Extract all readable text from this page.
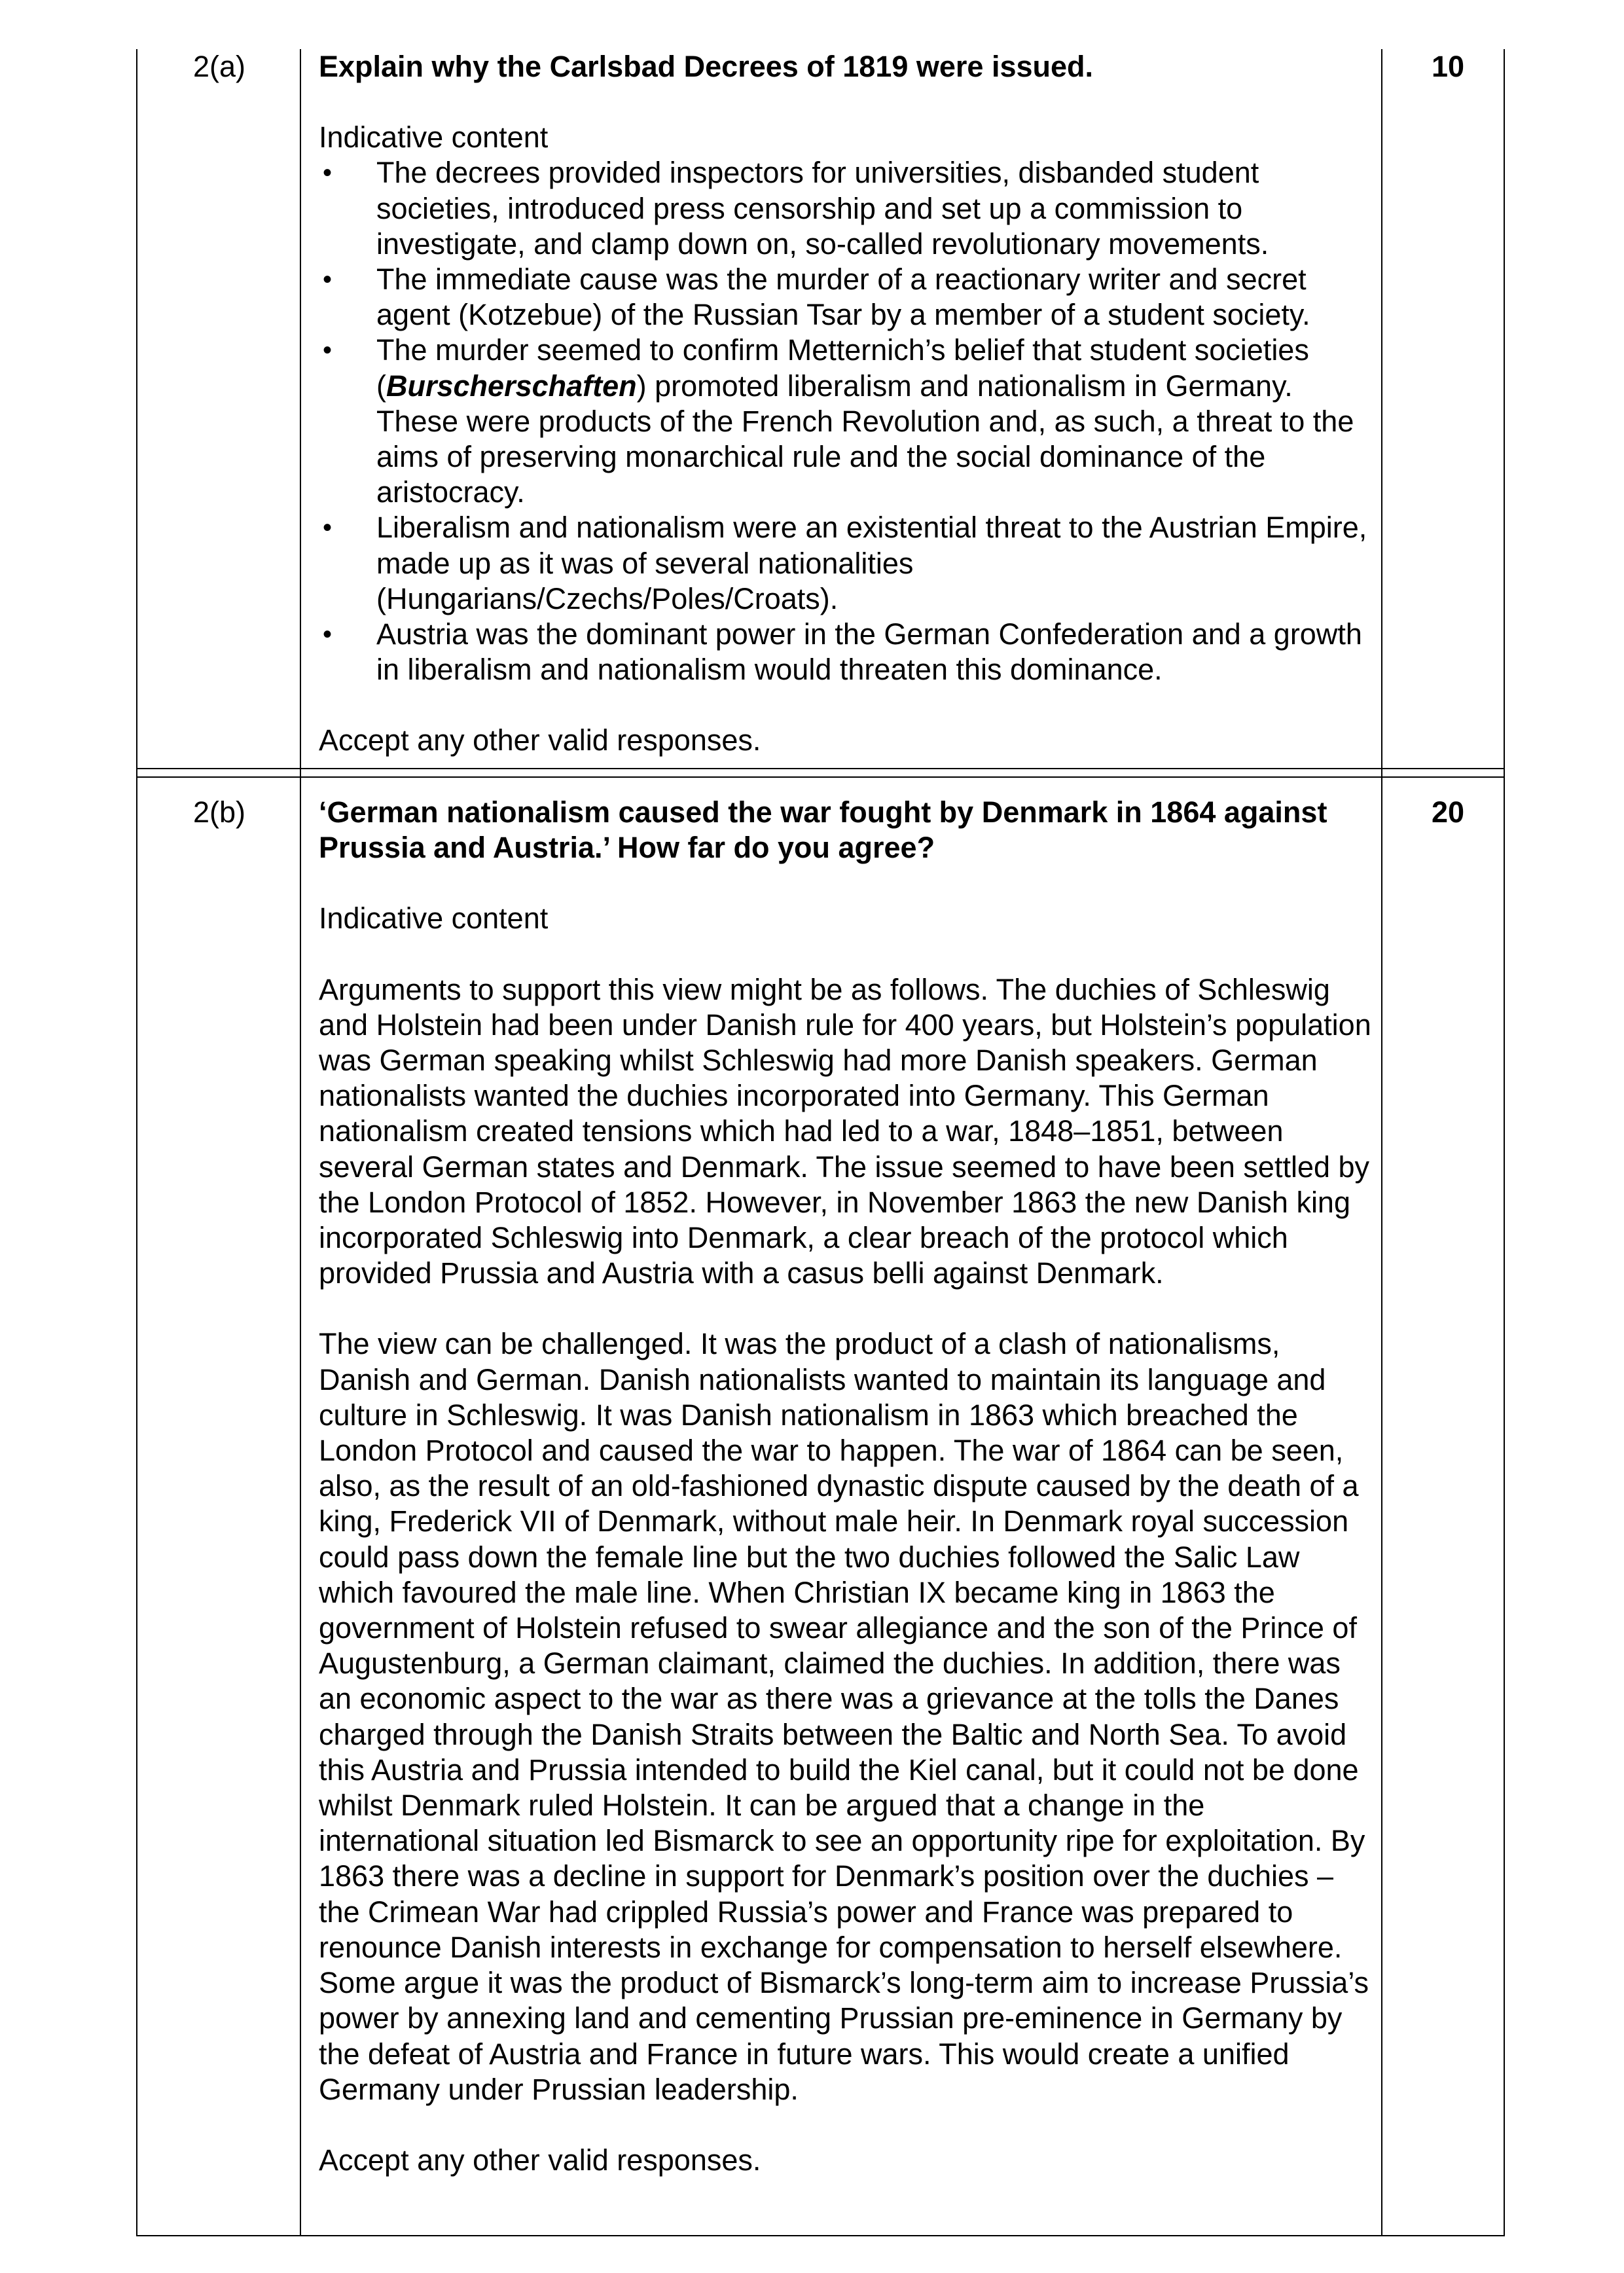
2(a)	10

Explain why the Carlsbad Decrees of 1819 were issued.

Indicative content

• The decrees provided inspectors for universities, disbanded student societies, introduced press censorship and set up a commission to investigate, and clamp down on, so-called revolutionary movements.
• The immediate cause was the murder of a reactionary writer and secret agent (Kotzebue) of the Russian Tsar by a member of a student society.
• The murder seemed to confirm Metternich’s belief that student societies (Burscherschaften) promoted liberalism and nationalism in Germany. These were products of the French Revolution and, as such, a threat to the aims of preserving monarchical rule and the social dominance of the aristocracy.
• Liberalism and nationalism were an existential threat to the Austrian Empire, made up as it was of several nationalities (Hungarians/Czechs/Poles/Croats).
• Austria was the dominant power in the German Confederation and a growth in liberalism and nationalism would threaten this dominance.

Accept any other valid responses.

2(b)	20

‘German nationalism caused the war fought by Denmark in 1864 against Prussia and Austria.’ How far do you agree?

Indicative content

Arguments to support this view might be as follows. The duchies of Schleswig and Holstein had been under Danish rule for 400 years, but Holstein’s population was German speaking whilst Schleswig had more Danish speakers. German nationalists wanted the duchies incorporated into Germany. This German nationalism created tensions which had led to a war, 1848–1851, between several German states and Denmark. The issue seemed to have been settled by the London Protocol of 1852. However, in November 1863 the new Danish king incorporated Schleswig into Denmark, a clear breach of the protocol which provided Prussia and Austria with a casus belli against Denmark.

The view can be challenged. It was the product of a clash of nationalisms, Danish and German. Danish nationalists wanted to maintain its language and culture in Schleswig. It was Danish nationalism in 1863 which breached the London Protocol and caused the war to happen. The war of 1864 can be seen, also, as the result of an old-fashioned dynastic dispute caused by the death of a king, Frederick VII of Denmark, without male heir. In Denmark royal succession could pass down the female line but the two duchies followed the Salic Law which favoured the male line. When Christian IX became king in 1863 the government of Holstein refused to swear allegiance and the son of the Prince of Augustenburg, a German claimant, claimed the duchies. In addition, there was an economic aspect to the war as there was a grievance at the tolls the Danes charged through the Danish Straits between the Baltic and North Sea. To avoid this Austria and Prussia intended to build the Kiel canal, but it could not be done whilst Denmark ruled Holstein. It can be argued that a change in the international situation led Bismarck to see an opportunity ripe for exploitation. By 1863 there was a decline in support for Denmark’s position over the duchies – the Crimean War had crippled Russia’s power and France was prepared to renounce Danish interests in exchange for compensation to herself elsewhere. Some argue it was the product of Bismarck’s long-term aim to increase Prussia’s power by annexing land and cementing Prussian pre-eminence in Germany by the defeat of Austria and France in future wars. This would create a unified Germany under Prussian leadership.

Accept any other valid responses.
